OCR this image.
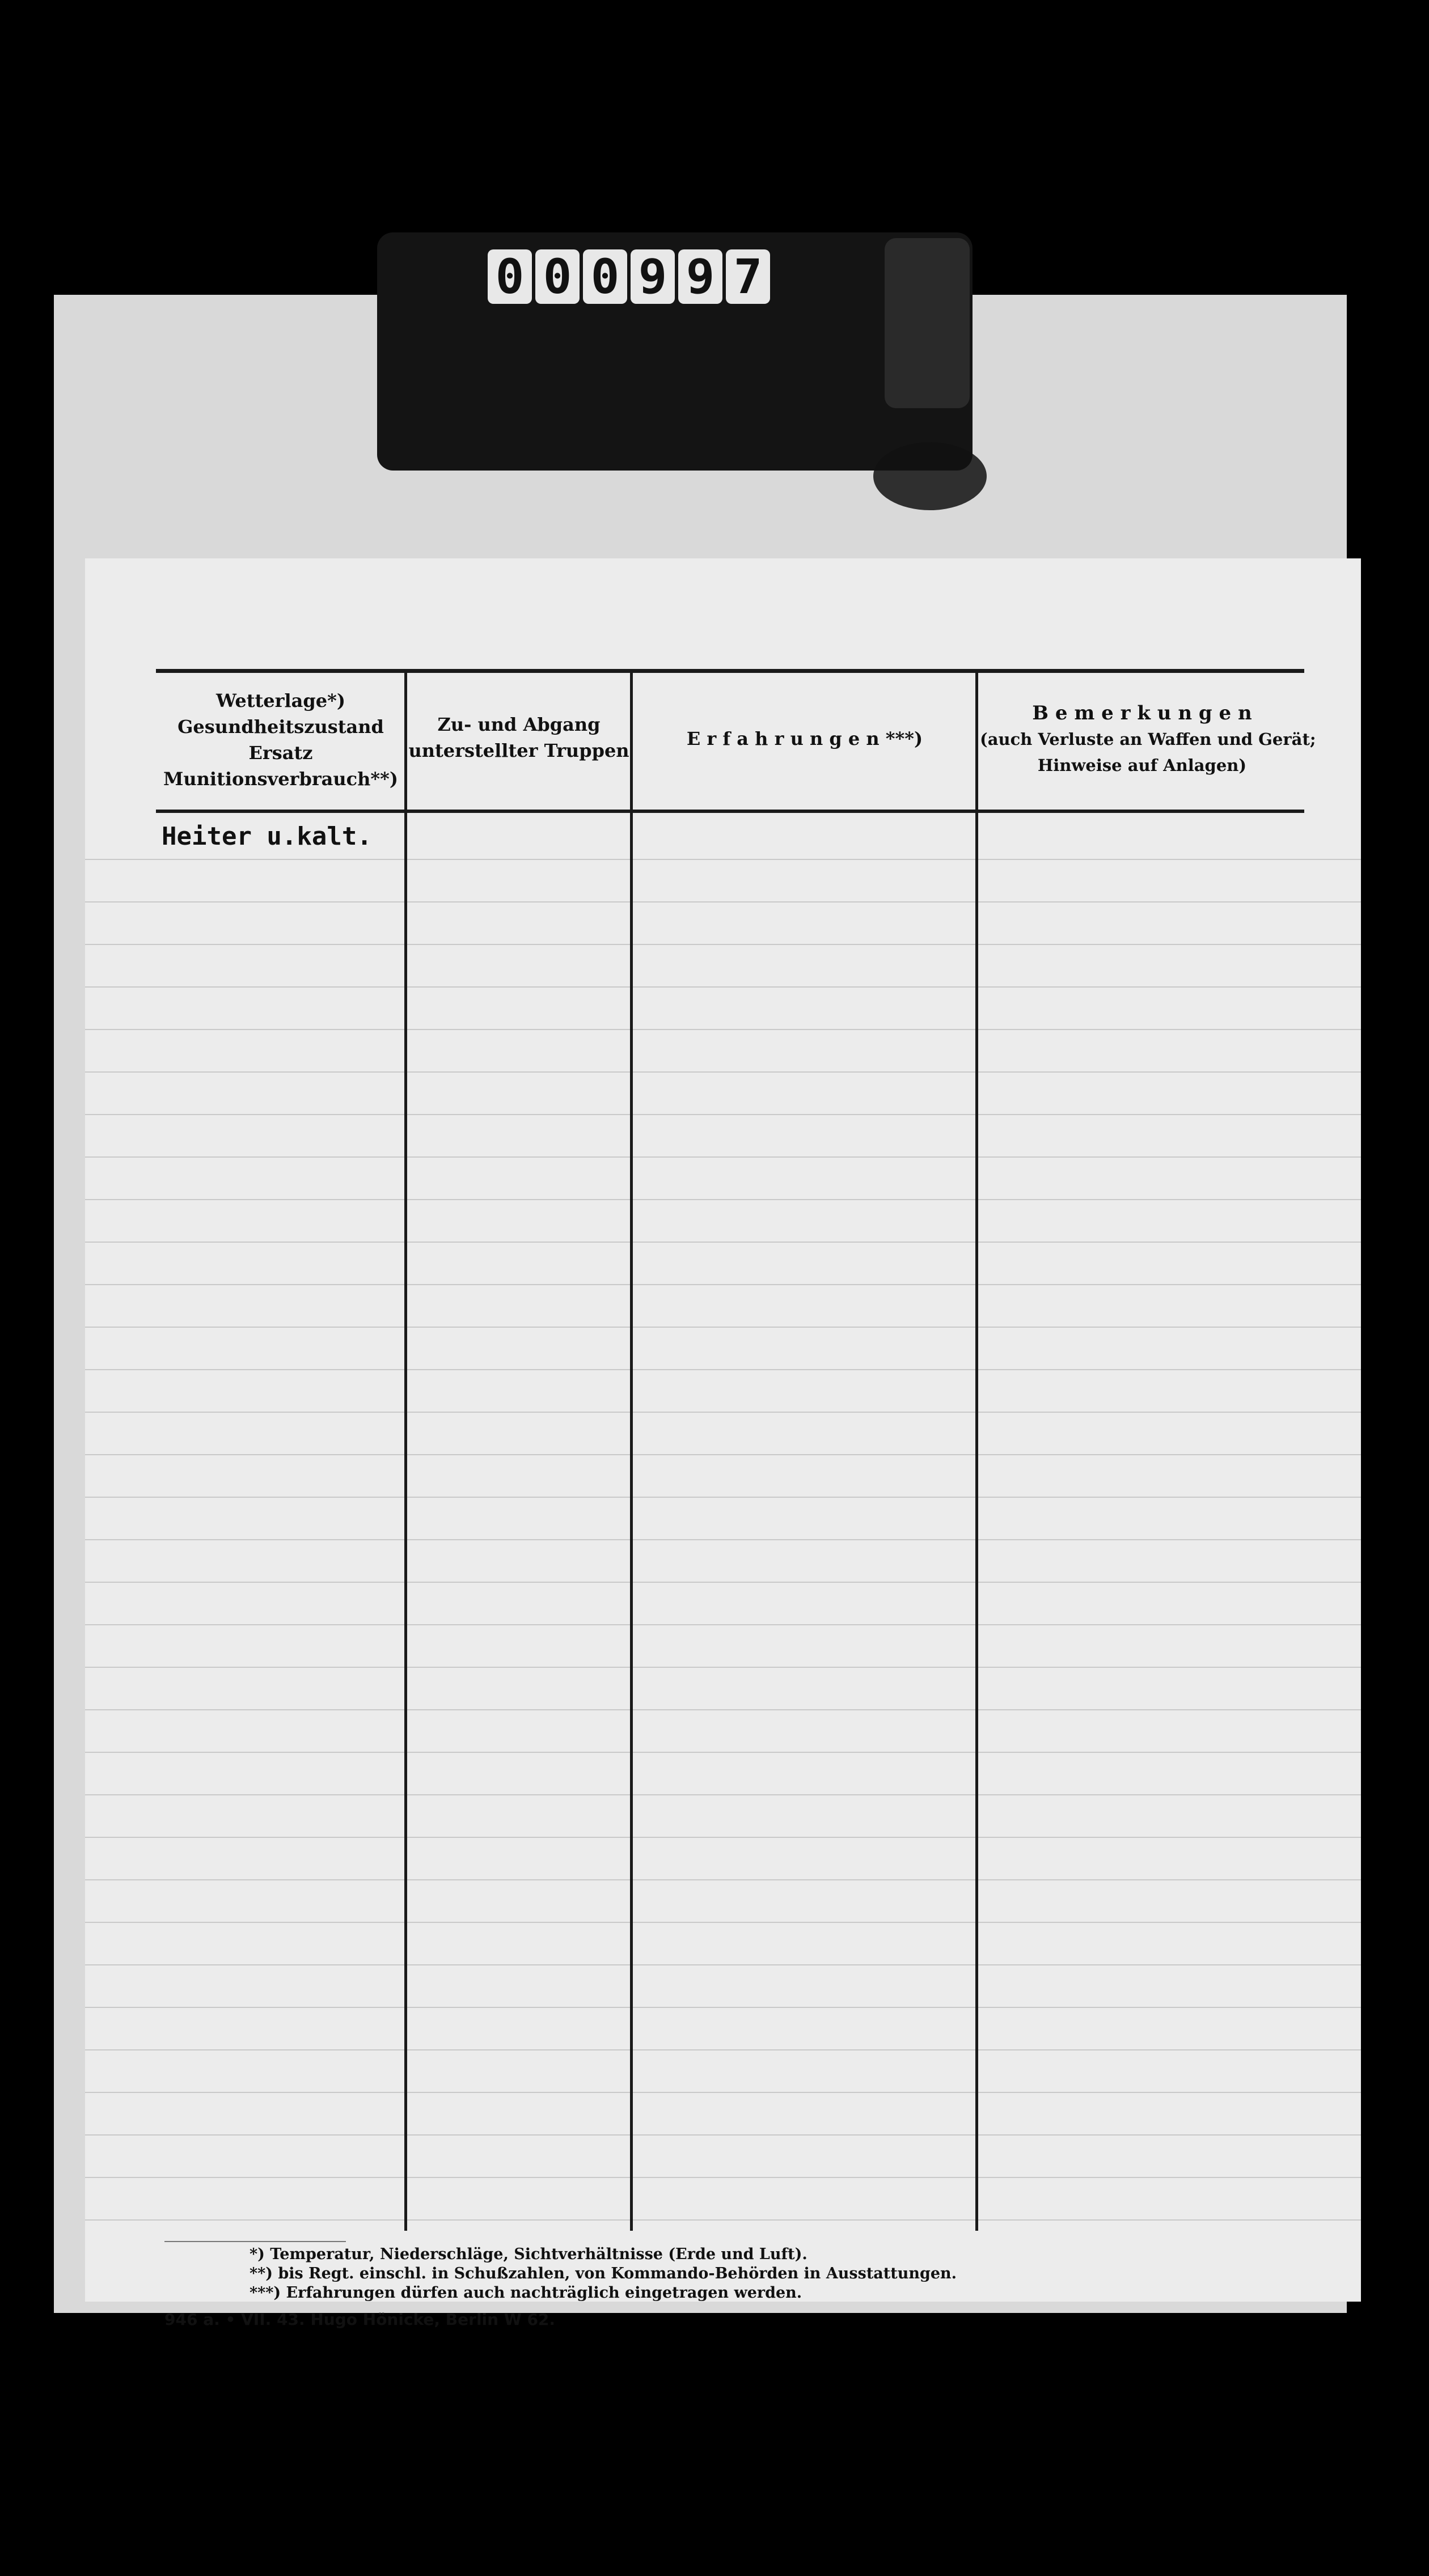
0 0 0 9 9 7
Wetterlage*)
Gesundheitszustand
Ersatz
Munitionsverbrauch**)
Zu- und Abgang
unterstellter Truppen
E r f a h r u n g e n ***)
B e m e r k u n g e n
(auch Verluste an Waffen und Gerät;
Hinweise auf Anlagen)
Heiter u.kalt.

*) Temperatur, Niederschläge, Sichtverhältnisse (Erde und Luft).
**) bis Regt. einschl. in Schußzahlen, von Kommando-Behörden in Ausstattungen.
***) Erfahrungen dürfen auch nachträglich eingetragen werden.
946 a. • VII. 43. Hugo Hönicke, Berlin W 62.
